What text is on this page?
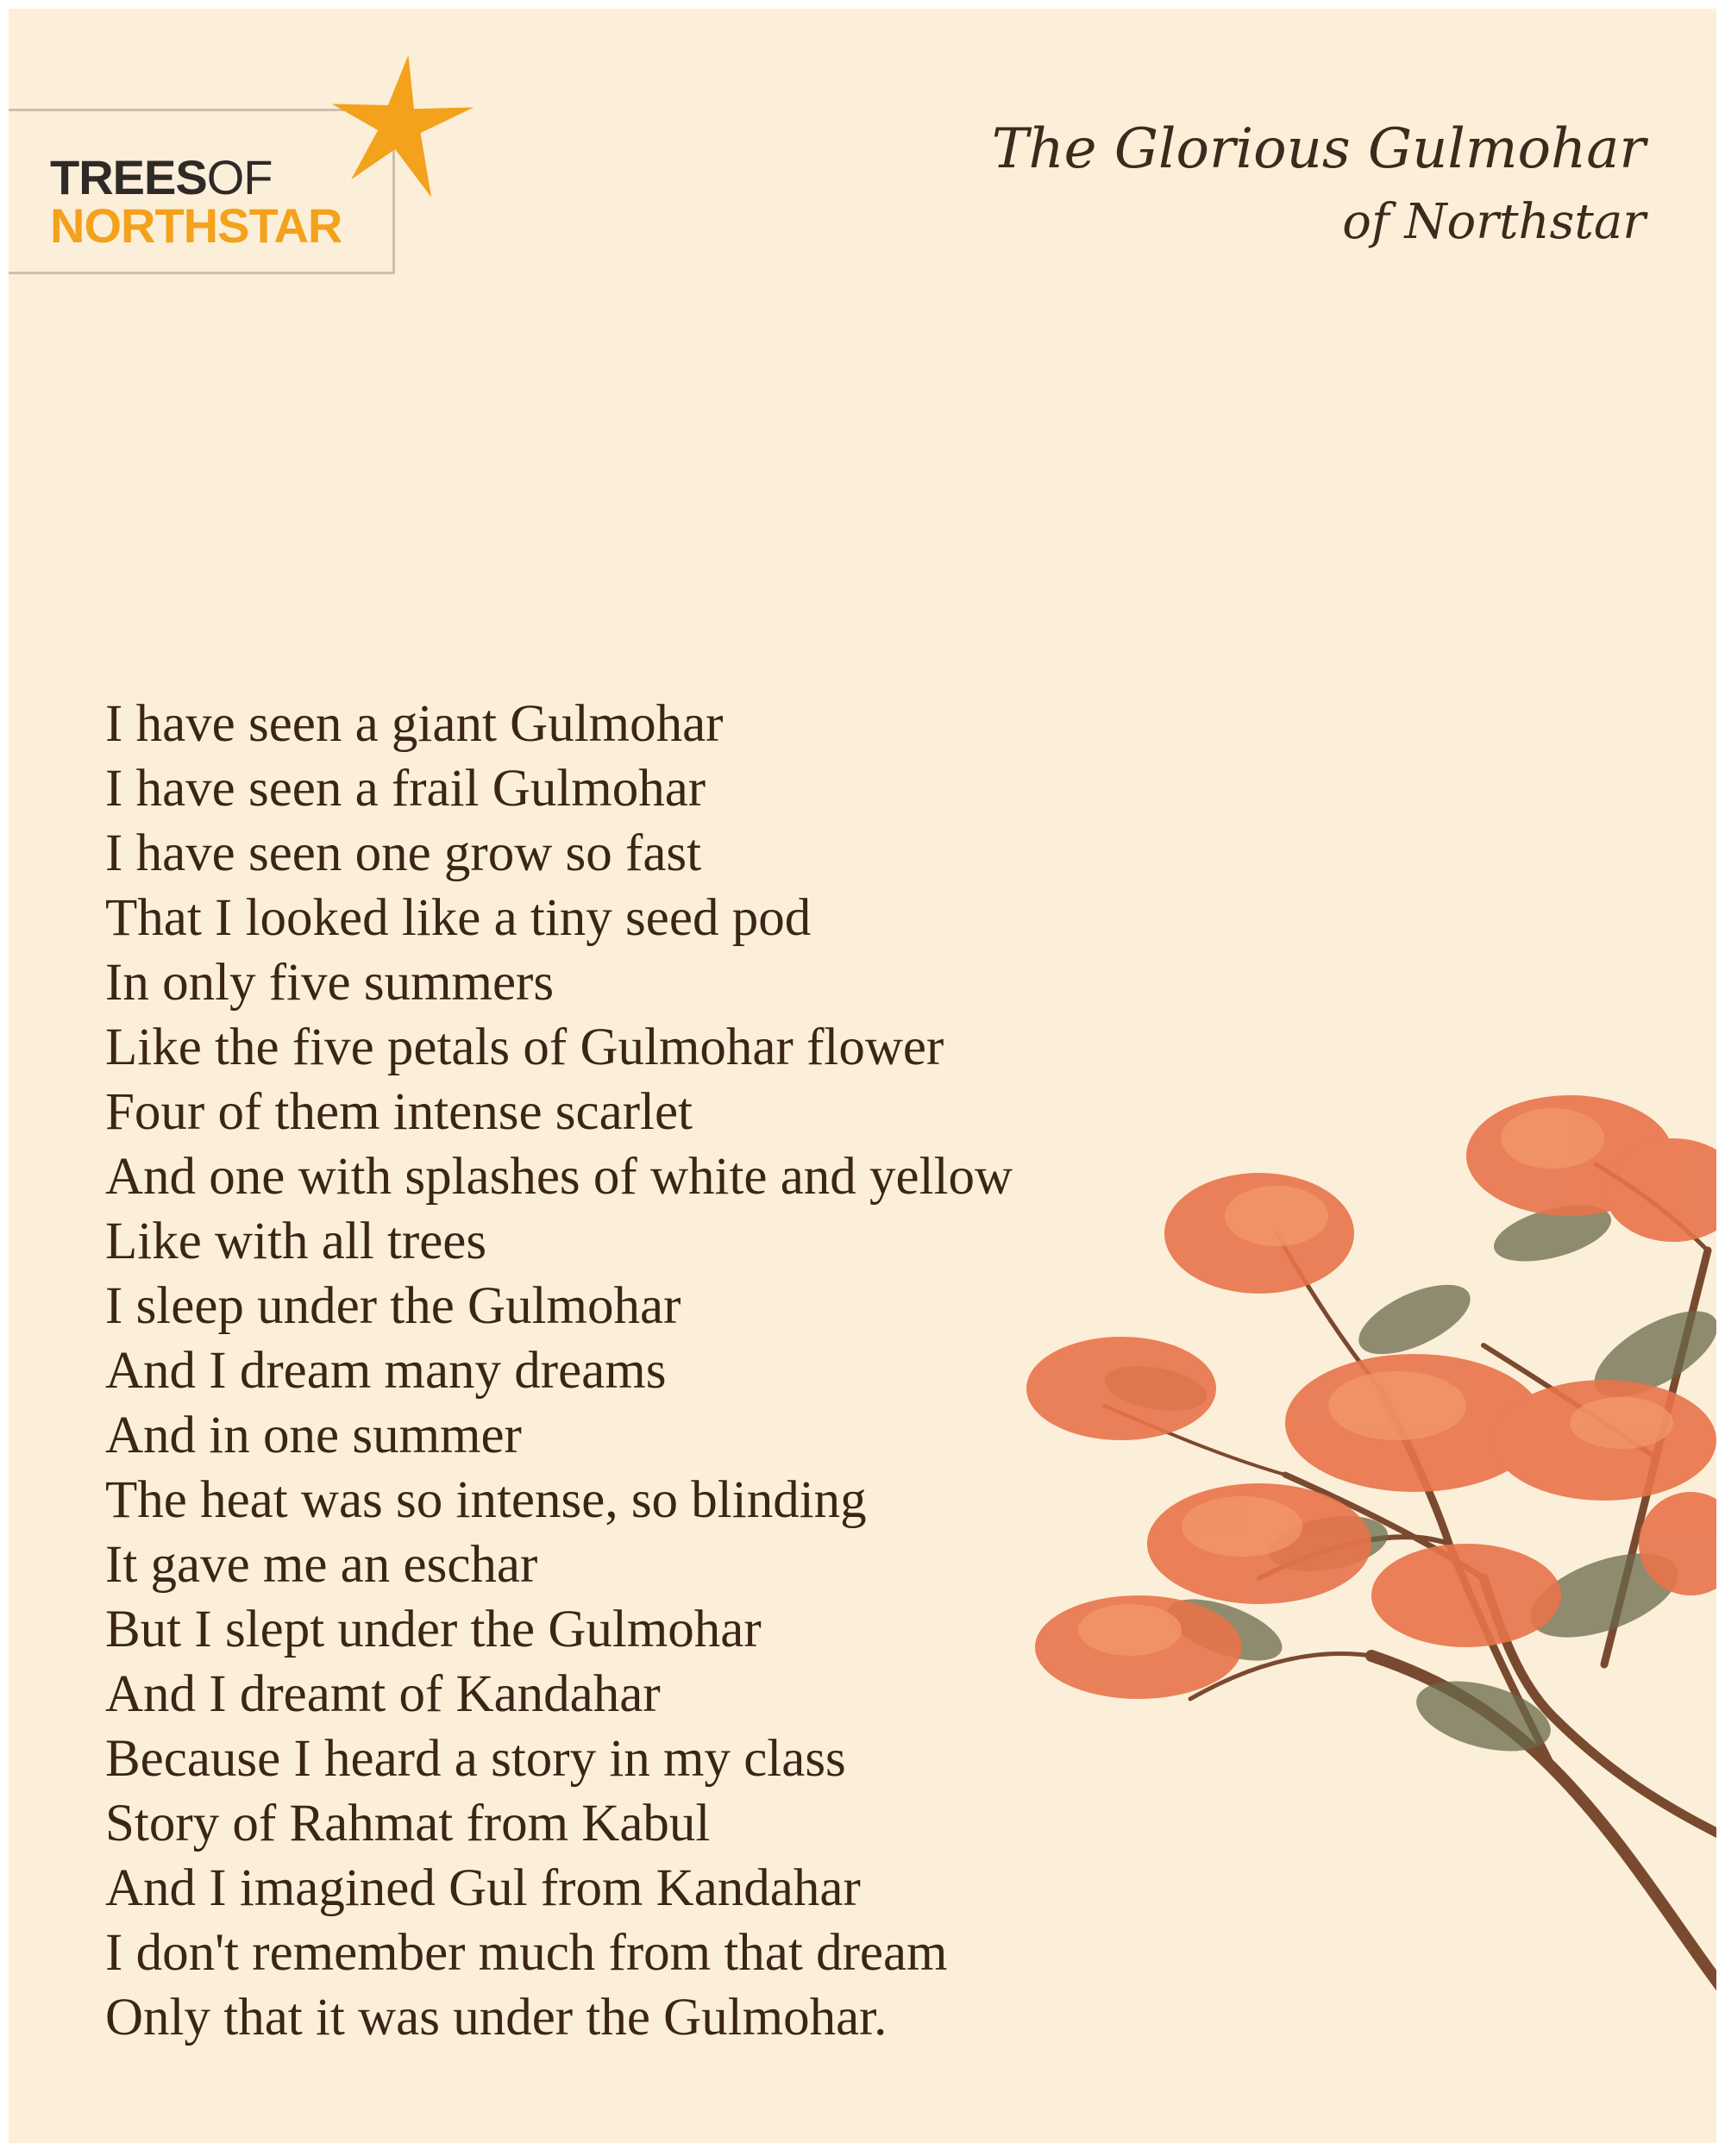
TREESOF
NORTHSTAR
The Glorious Gulmohar
of Northstar
I have seen a giant Gulmohar
I have seen a frail Gulmohar
I have seen one grow so fast
That I looked like a tiny seed pod
In only five summers
Like the five petals of Gulmohar flower
Four of them intense scarlet
And one with splashes of white and yellow
Like with all trees
I sleep under the Gulmohar
And I dream many dreams
And in one summer
The heat was so intense, so blinding
It gave me an eschar
But I slept under the Gulmohar
And I dreamt of Kandahar
Because I heard a story in my class
Story of Rahmat from Kabul
And I imagined Gul from Kandahar
I don't remember much from that dream
Only that it was under the Gulmohar.
